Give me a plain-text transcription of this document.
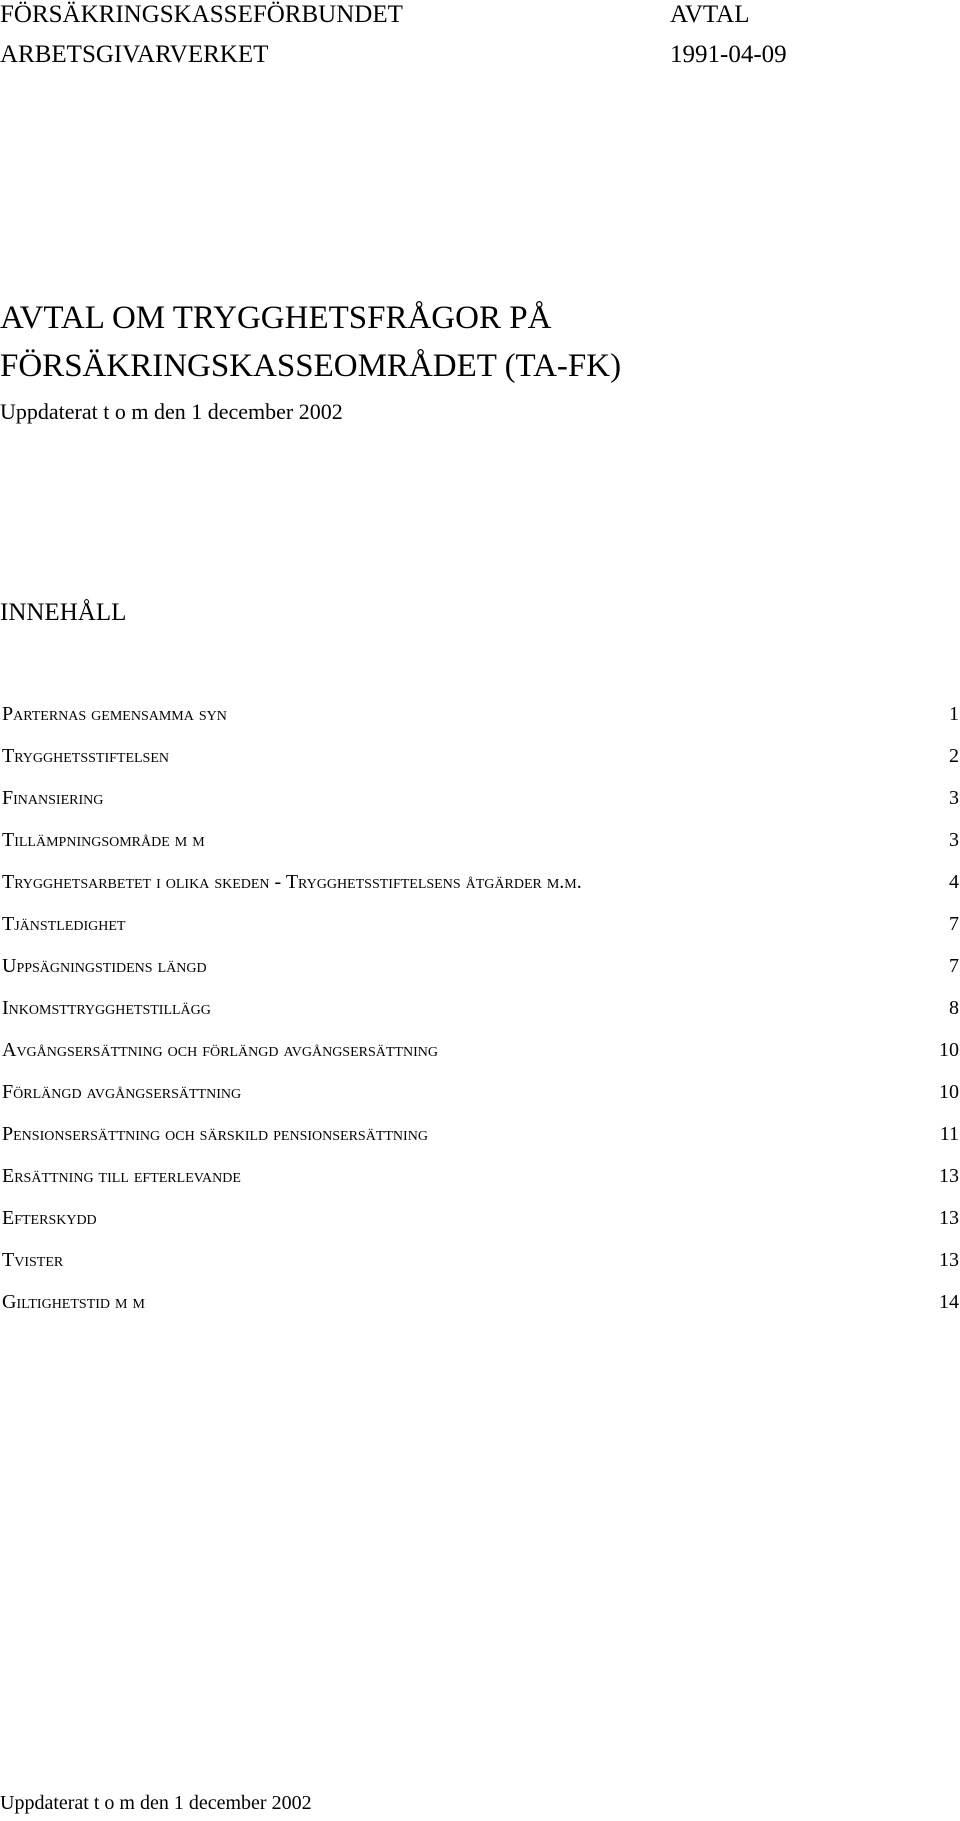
FÖRSÄKRINGSKASSEFÖRBUNDET
ARBETSGIVARVERKET
AVTAL
1991-04-09
AVTAL OM TRYGGHETSFRÅGOR PÅ
FÖRSÄKRINGSKASSEOMRÅDET (TA-FK)
Uppdaterat t o m den 1 december 2002
INNEHÅLL
Parternas gemensamma syn	1
Trygghetsstiftelsen	2
Finansiering	3
Tillämpningsområde m m	3
Trygghetsarbetet i olika skeden - Trygghetsstiftelsens åtgärder m.m.	4
Tjänstledighet	7
Uppsägningstidens längd	7
Inkomsttrygghetstillägg	8
Avgångsersättning och förlängd avgångsersättning	10
Förlängd avgångsersättning	10
Pensionsersättning och särskild pensionsersättning	11
Ersättning till efterlevande	13
Efterskydd	13
Tvister	13
Giltighetstid m m	14
Uppdaterat t o m den 1 december 2002
